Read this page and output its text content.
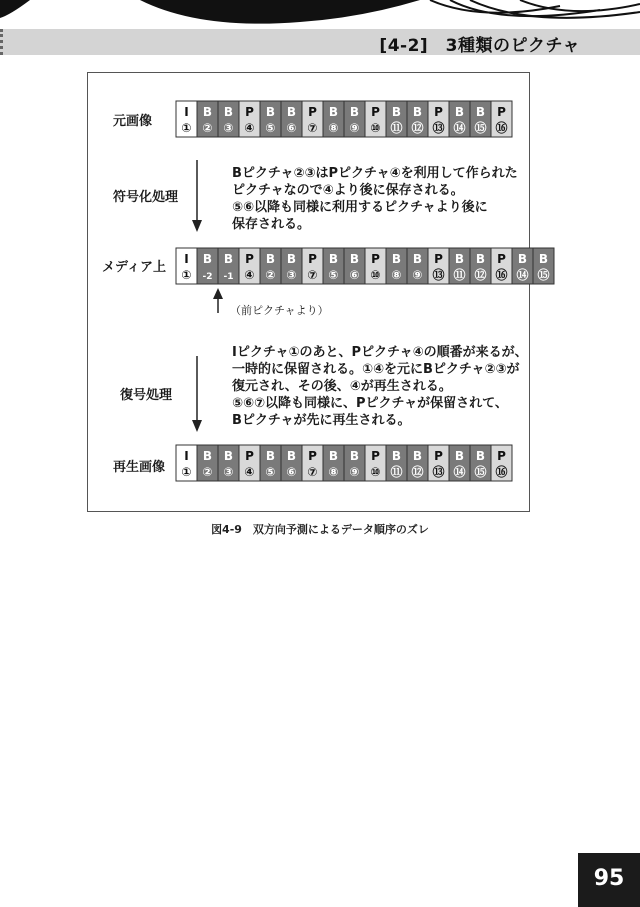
[4-2]　3種類のピクチャ
元画像
符号化処理
メディア上
復号処理
再生画像
I
①
B
②
B
③
P
④
B
⑤
B
⑥
P
⑦
B
⑧
B
⑨
P
⑩
B
⑪
B
⑫
P
⑬
B
⑭
B
⑮
P
⑯
I
①
B
-2
B
-1
P
④
B
②
B
③
P
⑦
B
⑤
B
⑥
P
⑩
B
⑧
B
⑨
P
⑬
B
⑪
B
⑫
P
⑯
B
⑭
B
⑮
I
①
B
②
B
③
P
④
B
⑤
B
⑥
P
⑦
B
⑧
B
⑨
P
⑩
B
⑪
B
⑫
P
⑬
B
⑭
B
⑮
P
⑯
（前ピクチャより）
Bピクチャ②③はPピクチャ④を利用して作られた
ピクチャなので④より後に保存される。
⑤⑥以降も同様に利用するピクチャより後に
保存される。
Iピクチャ①のあと、Pピクチャ④の順番が来るが、
一時的に保留される。①④を元にBピクチャ②③が
復元され、その後、④が再生される。
⑤⑥⑦以降も同様に、Pピクチャが保留されて、
Bピクチャが先に再生される。
図4-9　双方向予測によるデータ順序のズレ
95
